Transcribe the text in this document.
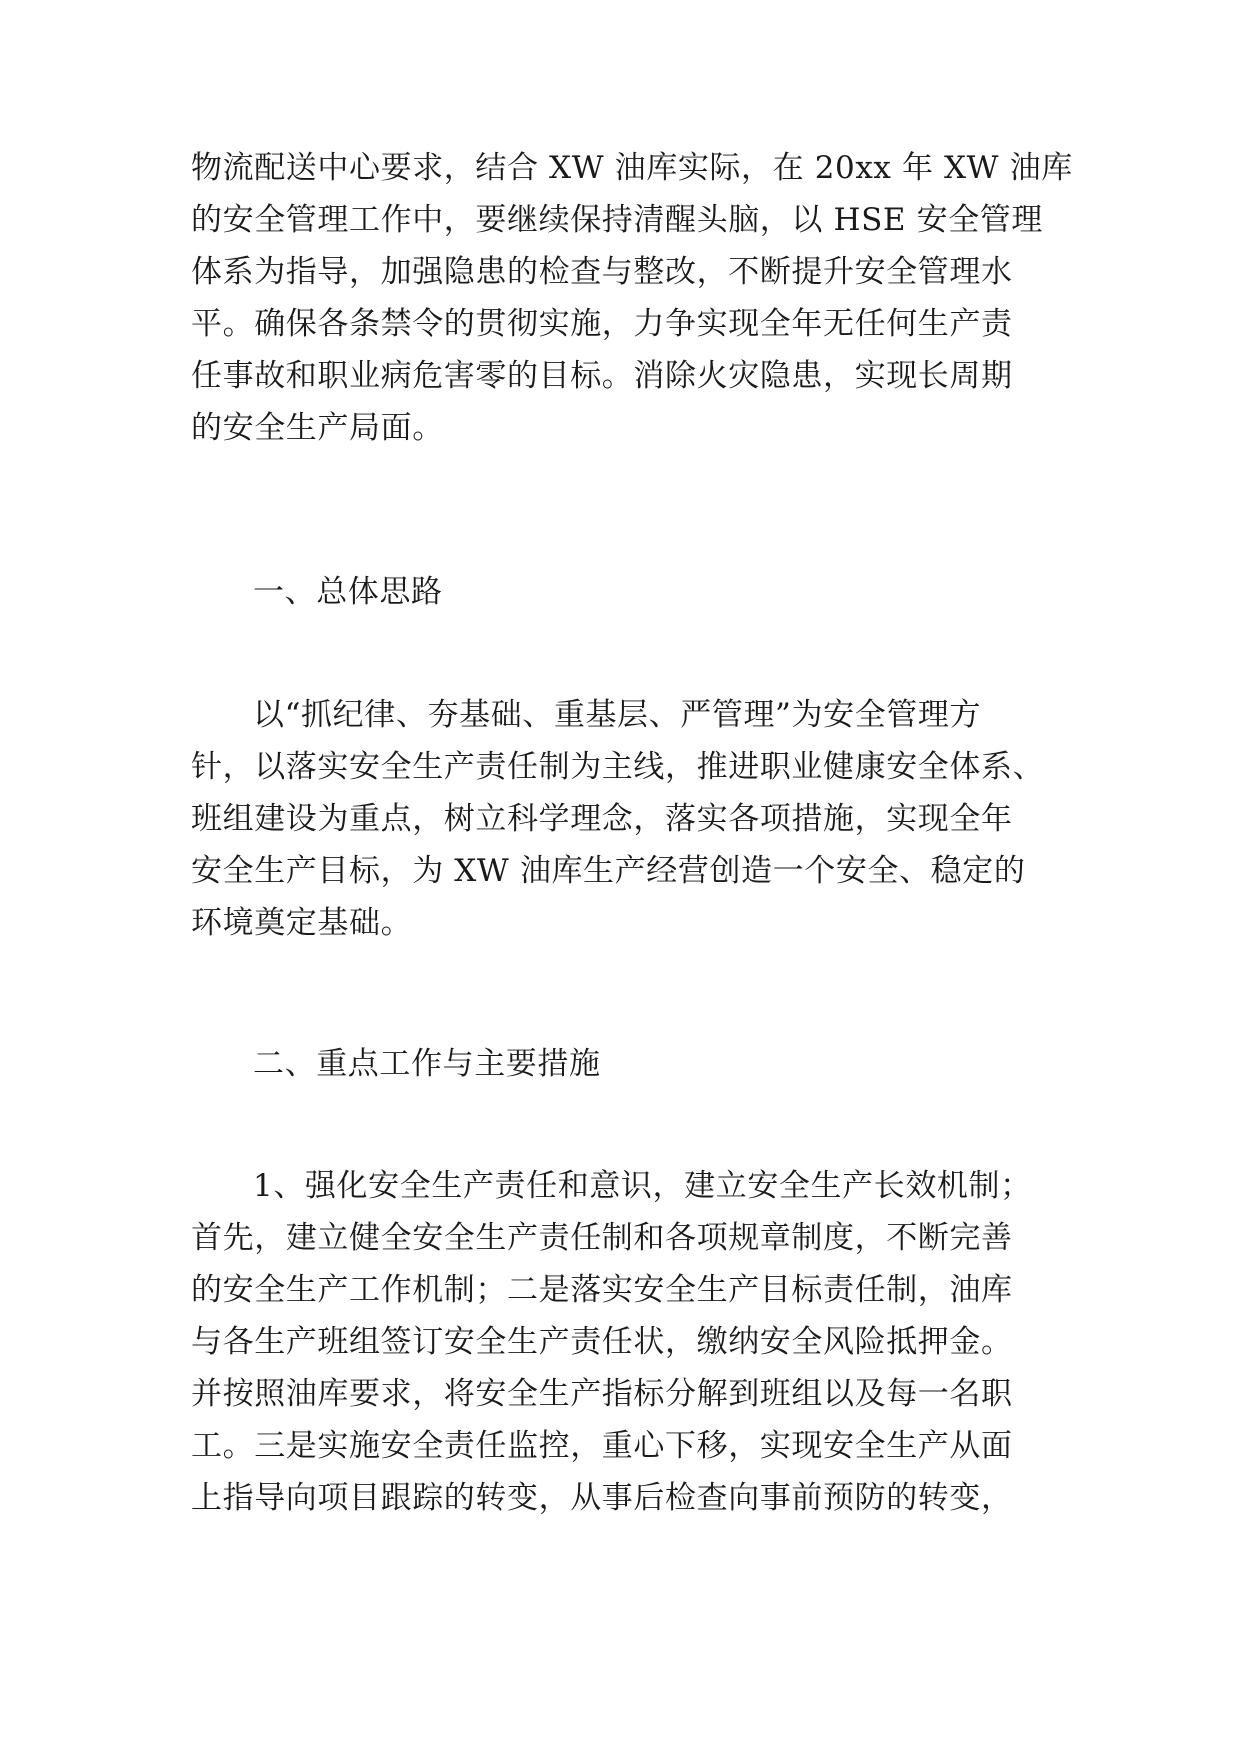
物流配送中心要求，结合 XW 油库实际，在 20xx 年 XW 油库
的安全管理工作中，要继续保持清醒头脑，以 HSE 安全管理
体系为指导，加强隐患的检查与整改，不断提升安全管理水
平。确保各条禁令的贯彻实施，力争实现全年无任何生产责
任事故和职业病危害零的目标。消除火灾隐患，实现长周期
的安全生产局面。
一、总体思路
以“抓纪律、夯基础、重基层、严管理”为安全管理方
针，以落实安全生产责任制为主线，推进职业健康安全体系、
班组建设为重点，树立科学理念，落实各项措施，实现全年
安全生产目标，为 XW 油库生产经营创造一个安全、稳定的
环境奠定基础。
二、重点工作与主要措施
1、强化安全生产责任和意识，建立安全生产长效机制；
首先，建立健全安全生产责任制和各项规章制度，不断完善
的安全生产工作机制；二是落实安全生产目标责任制，油库
与各生产班组签订安全生产责任状，缴纳安全风险抵押金。
并按照油库要求，将安全生产指标分解到班组以及每一名职
工。三是实施安全责任监控，重心下移，实现安全生产从面
上指导向项目跟踪的转变，从事后检查向事前预防的转变，
